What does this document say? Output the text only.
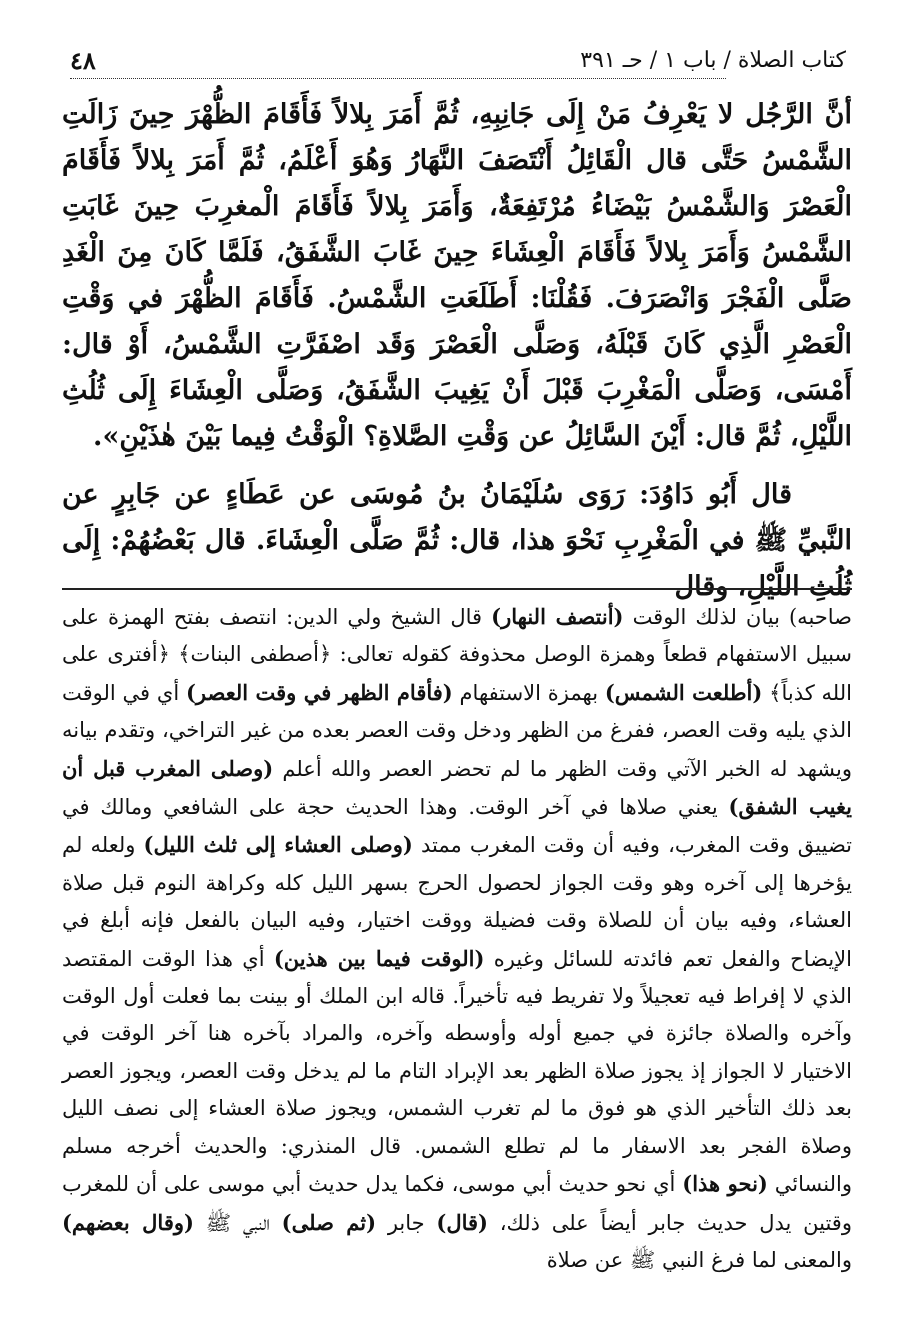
كتاب الصلاة / باب ١ / حـ ٣٩١
٤٨

أنَّ الرَّجُل لا يَعْرِفُ مَنْ إِلَى جَانِبِهِ، ثُمَّ أَمَرَ بِلالاً فَأَقَامَ الظُّهْرَ حِينَ زَالَتِ الشَّمْسُ حَتَّى قال الْقَائِلُ أَنْتَصَفَ النَّهَارُ وَهُوَ أَعْلَمُ، ثُمَّ أَمَرَ بِلالاً فَأَقَامَ الْعَصْرَ وَالشَّمْسُ بَيْضَاءُ مُرْتَفِعَةٌ، وَأَمَرَ بِلالاً فَأَقَامَ الْمغرِبَ حِينَ غَابَتِ الشَّمْسُ وَأَمَرَ بِلالاً فَأَقَامَ الْعِشَاءَ حِينَ غَابَ الشَّفَقُ، فَلَمَّا كَانَ مِنَ الْغَدِ صَلَّى الْفَجْرَ وَانْصَرَفَ. فَقُلْنَا: أَطَلَعَتِ الشَّمْسُ. فَأَقَامَ الظُّهْرَ في وَقْتِ الْعَصْرِ الَّذِي كَانَ قَبْلَهُ، وَصَلَّى الْعَصْرَ وَقَد اصْفَرَّتِ الشَّمْسُ، أَوْ قال: أَمْسَى، وَصَلَّى الْمَغْرِبَ قَبْلَ أَنْ يَغِيبَ الشَّفَقُ، وَصَلَّى الْعِشَاءَ إِلَى ثُلُثِ اللَّيْلِ، ثُمَّ قال: أَيْنَ السَّائِلُ عن وَقْتِ الصَّلاةِ؟ الْوَقْتُ فِيما بَيْنَ هٰذَيْنِ».

قال أَبُو دَاوُدَ: رَوَى سُلَيْمَانُ بنُ مُوسَى عن عَطَاءٍ عن جَابِرٍ عن النَّبيِّ ﷺ في الْمَغْرِبِ نَحْوَ هذا، قال: ثُمَّ صَلَّى الْعِشَاءَ. قال بَعْضُهُمْ: إِلَى ثُلُثِ اللَّيْلِ، وقال

صاحبه) بيان لذلك الوقت (أنتصف النهار) قال الشيخ ولي الدين: انتصف بفتح الهمزة على سبيل الاستفهام قطعاً وهمزة الوصل محذوفة كقوله تعالى: ﴿أصطفى البنات﴾ ﴿أفترى على الله كذباً﴾ (أطلعت الشمس) بهمزة الاستفهام (فأقام الظهر في وقت العصر) أي في الوقت الذي يليه وقت العصر، ففرغ من الظهر ودخل وقت العصر بعده من غير التراخي، وتقدم بيانه ويشهد له الخبر الآتي وقت الظهر ما لم تحضر العصر والله أعلم (وصلى المغرب قبل أن يغيب الشفق) يعني صلاها في آخر الوقت. وهذا الحديث حجة على الشافعي ومالك في تضييق وقت المغرب، وفيه أن وقت المغرب ممتد (وصلى العشاء إلى ثلث الليل) ولعله لم يؤخرها إلى آخره وهو وقت الجواز لحصول الحرج بسهر الليل كله وكراهة النوم قبل صلاة العشاء، وفيه بيان أن للصلاة وقت فضيلة ووقت اختيار، وفيه البيان بالفعل فإنه أبلغ في الإيضاح والفعل تعم فائدته للسائل وغيره (الوقت فيما بين هذين) أي هذا الوقت المقتصد الذي لا إفراط فيه تعجيلاً ولا تفريط فيه تأخيراً. قاله ابن الملك أو بينت بما فعلت أول الوقت وآخره والصلاة جائزة في جميع أوله وأوسطه وآخره، والمراد بآخره هنا آخر الوقت في الاختيار لا الجواز إذ يجوز صلاة الظهر بعد الإبراد التام ما لم يدخل وقت العصر، ويجوز العصر بعد ذلك التأخير الذي هو فوق ما لم تغرب الشمس، ويجوز صلاة العشاء إلى نصف الليل وصلاة الفجر بعد الاسفار ما لم تطلع الشمس. قال المنذري: والحديث أخرجه مسلم والنسائي (نحو هذا) أي نحو حديث أبي موسى، فكما يدل حديث أبي موسى على أن للمغرب وقتين يدل حديث جابر أيضاً على ذلك، (قال) جابر (ثم صلى) النبي ﷺ (وقال بعضهم) والمعنى لما فرغ النبي ﷺ عن صلاة
